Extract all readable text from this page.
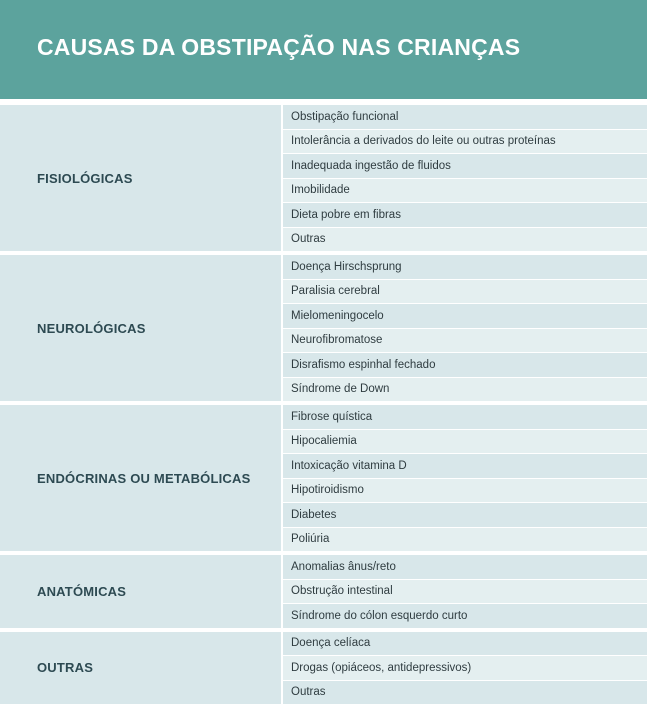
CAUSAS DA OBSTIPAÇÃO NAS CRIANÇAS
FISIOLÓGICAS
Obstipação funcional
Intolerância a derivados do leite ou outras proteínas
Inadequada ingestão de fluidos
Imobilidade
Dieta pobre em fibras
Outras
NEUROLÓGICAS
Doença Hirschsprung
Paralisia cerebral
Mielomeningocelo
Neurofibromatose
Disrafismo espinhal fechado
Síndrome de Down
ENDÓCRINAS OU METABÓLICAS
Fibrose quística
Hipocaliemia
Intoxicação vitamina D
Hipotiroidismo
Diabetes
Poliúria
ANATÓMICAS
Anomalias ânus/reto
Obstrução intestinal
Síndrome do cólon esquerdo curto
OUTRAS
Doença celíaca
Drogas (opiáceos, antidepressivos)
Outras
